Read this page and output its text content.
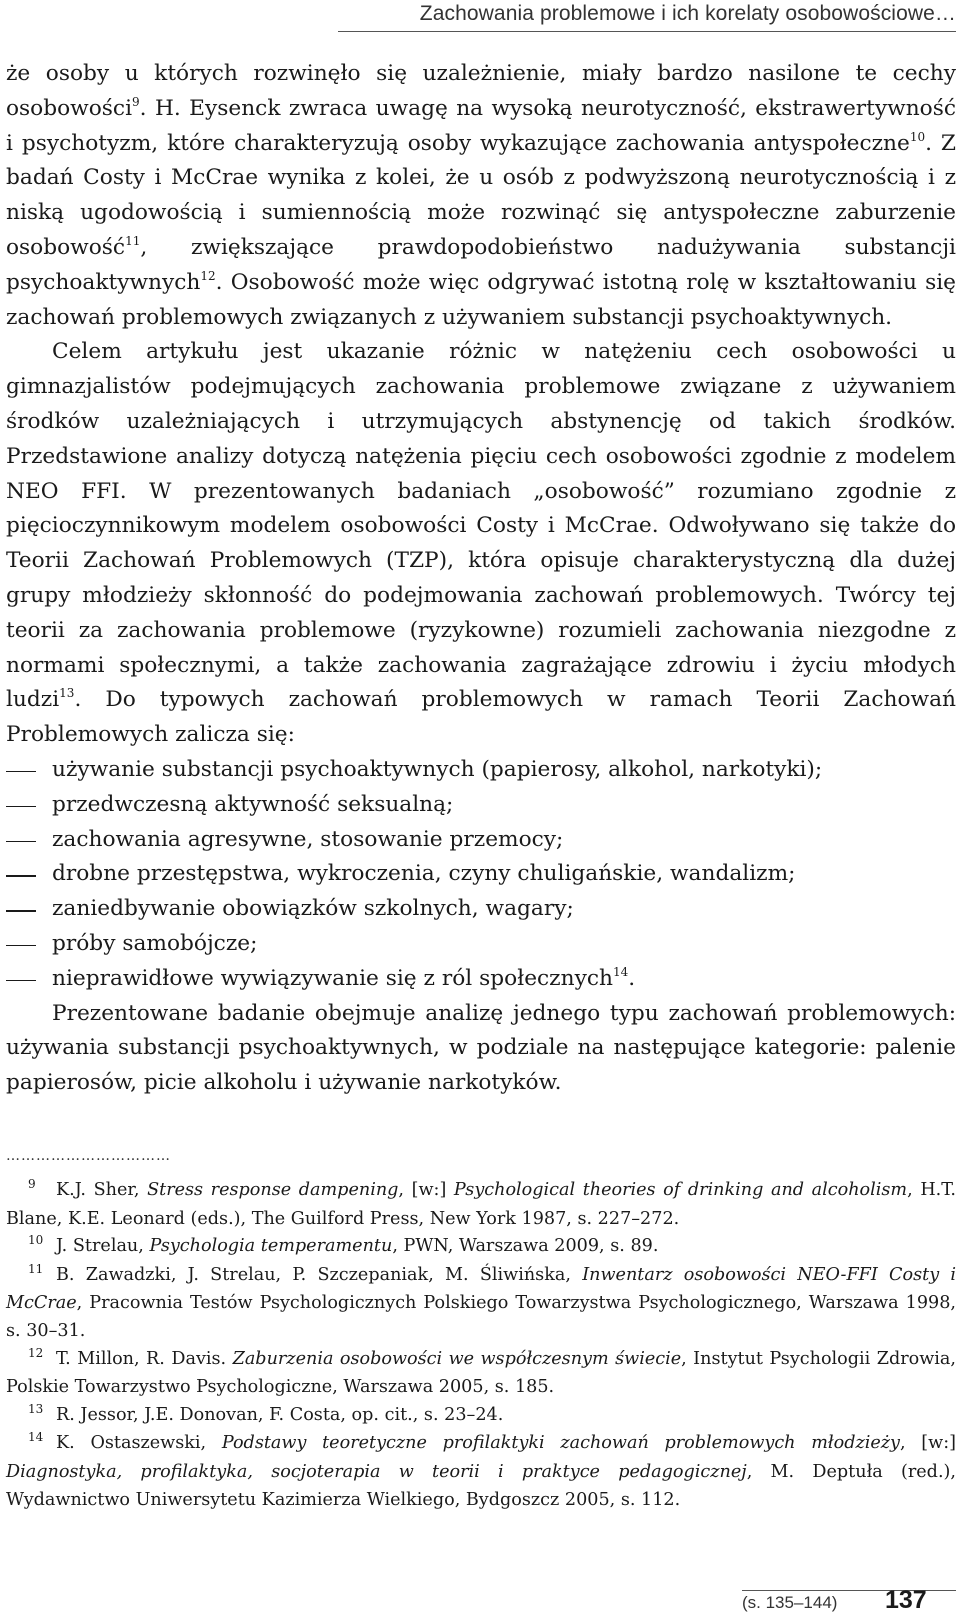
Zachowania problemowe i ich korelaty osobowościowe…

że osoby u których rozwinęło się uzależnienie, miały bardzo nasilone te cechy osobowości$^9$. H. Eysenck zwraca uwagę na wysoką neurotyczność, ekstrawertywność i psychotyzm, które charakteryzują osoby wykazujące zachowania antyspołeczne$^{10}$. Z badań Costy i McCrae wynika z kolei, że u osób z podwyższoną neurotycznością i z niską ugodowością i sumiennością może rozwinąć się antyspołeczne zaburzenie osobowość$^{11}$, zwiększające prawdopodobieństwo nadużywania substancji psychoaktywnych$^{12}$. Osobowość może więc odgrywać istotną rolę w kształtowaniu się zachowań problemowych związanych z używaniem substancji psychoaktywnych.

Celem artykułu jest ukazanie różnic w natężeniu cech osobowości u gimnazjalistów podejmujących zachowania problemowe związane z używaniem środków uzależniających i utrzymujących abstynencję od takich środków. Przedstawione analizy dotyczą natężenia pięciu cech osobowości zgodnie z modelem NEO FFI. W prezentowanych badaniach „osobowość” rozumiano zgodnie z pięcioczynnikowym modelem osobowości Costy i McCrae. Odwoływano się także do Teorii Zachowań Problemowych (TZP), która opisuje charakterystyczną dla dużej grupy młodzieży skłonność do podejmowania zachowań problemowych. Twórcy tej teorii za zachowania problemowe (ryzykowne) rozumieli zachowania niezgodne z normami społecznymi, a także zachowania zagrażające zdrowiu i życiu młodych ludzi$^{13}$. Do typowych zachowań problemowych w ramach Teorii Zachowań Problemowych zalicza się:

używanie substancji psychoaktywnych (papierosy, alkohol, narkotyki);
przedwczesną aktywność seksualną;
zachowania agresywne, stosowanie przemocy;
drobne przestępstwa, wykroczenia, czyny chuligańskie, wandalizm;
zaniedbywanie obowiązków szkolnych, wagary;
próby samobójcze;
nieprawidłowe wywiązywanie się z ról społecznych$^{14}$.

Prezentowane badanie obejmuje analizę jednego typu zachowań problemowych: używania substancji psychoaktywnych, w podziale na następujące kategorie: palenie papierosów, picie alkoholu i używanie narkotyków.

……………………………

9 K.J. Sher, Stress response dampening, [w:] Psychological theories of drinking and alcoholism, H.T. Blane, K.E. Leonard (eds.), The Guilford Press, New York 1987, s. 227–272.

10 J. Strelau, Psychologia temperamentu, PWN, Warszawa 2009, s. 89.

11 B. Zawadzki, J. Strelau, P. Szczepaniak, M. Śliwińska, Inwentarz osobowości NEO-FFI Costy i McCrae, Pracownia Testów Psychologicznych Polskiego Towarzystwa Psychologicznego, Warszawa 1998, s. 30–31.

12 T. Millon, R. Davis. Zaburzenia osobowości we współczesnym świecie, Instytut Psychologii Zdrowia, Polskie Towarzystwo Psychologiczne, Warszawa 2005, s. 185.

13 R. Jessor, J.E. Donovan, F. Costa, op. cit., s. 23–24.

14 K. Ostaszewski, Podstawy teoretyczne profilaktyki zachowań problemowych młodzieży, [w:] Diagnostyka, profilaktyka, socjoterapia w teorii i praktyce pedagogicznej, M. Deptuła (red.), Wydawnictwo Uniwersytetu Kazimierza Wielkiego, Bydgoszcz 2005, s. 112.

(s. 135–144) 137
